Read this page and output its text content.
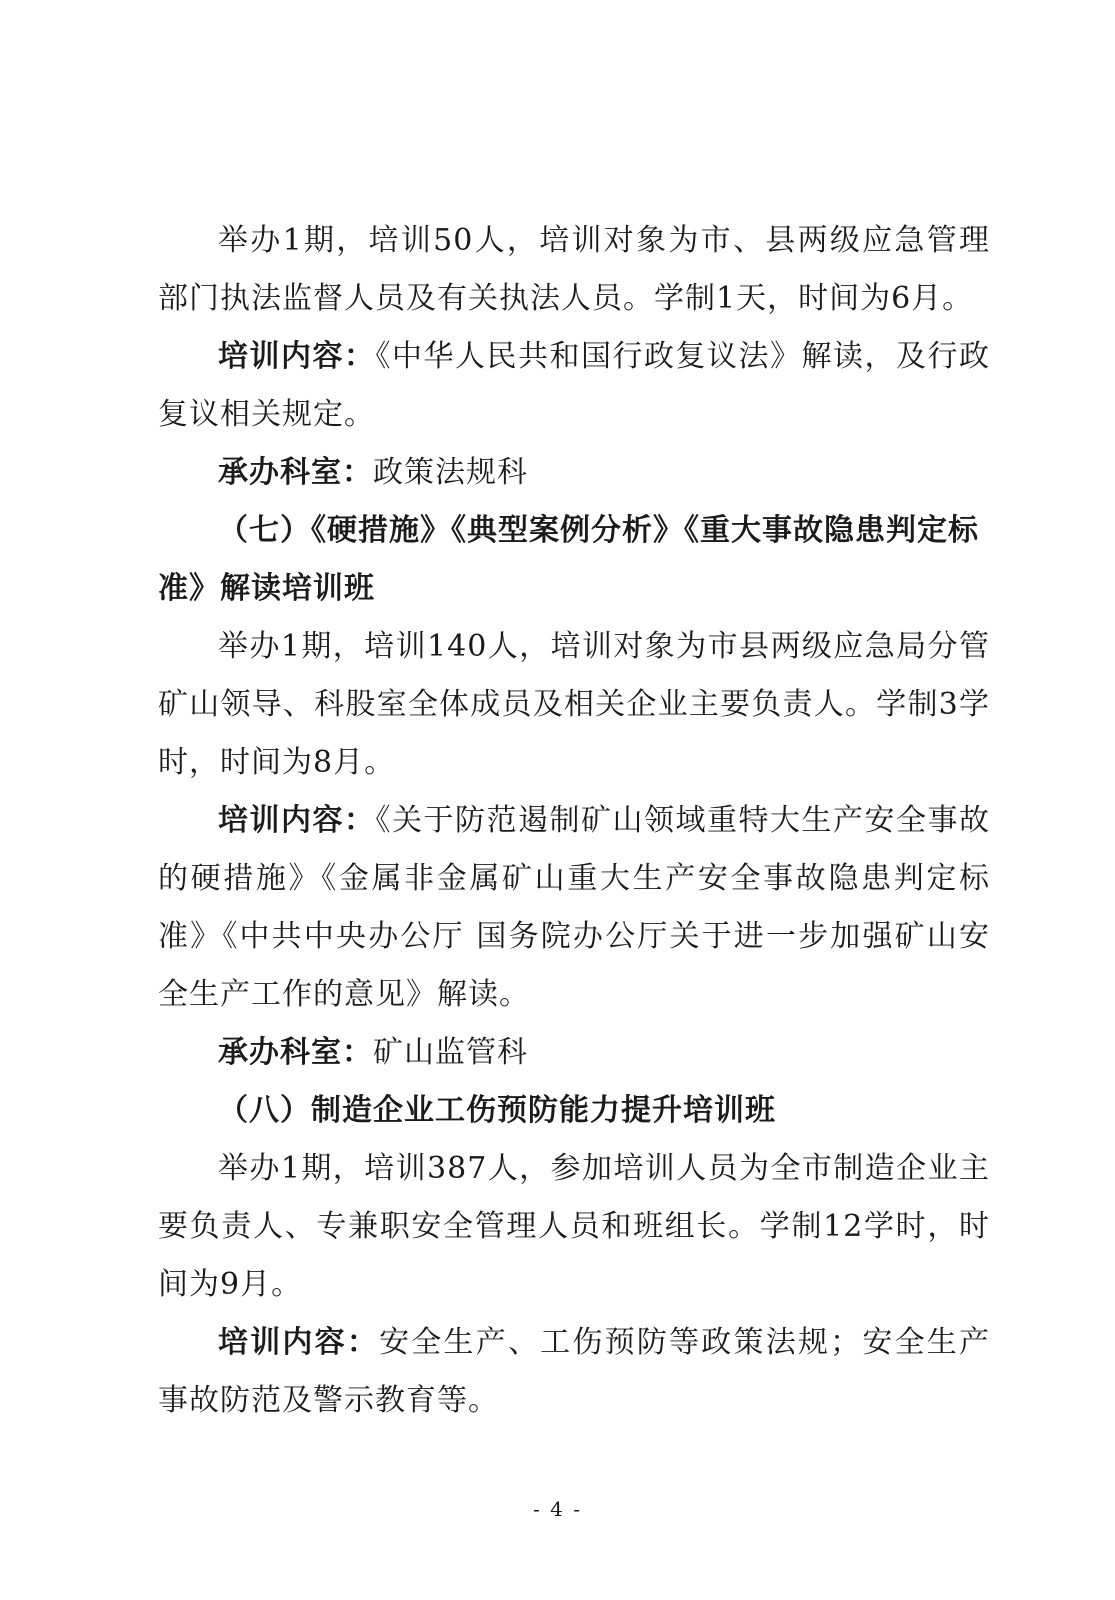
举办1期，培训50人，培训对象为市、县两级应急管理部门执法监督人员及有关执法人员。学制1天，时间为6月。

培训内容：《中华人民共和国行政复议法》解读，及行政复议相关规定。

承办科室：政策法规科

（七）《硬措施》《典型案例分析》《重大事故隐患判定标准》解读培训班

举办1期，培训140人，培训对象为市县两级应急局分管矿山领导、科股室全体成员及相关企业主要负责人。学制3学时，时间为8月。

培训内容：《关于防范遏制矿山领域重特大生产安全事故的硬措施》《金属非金属矿山重大生产安全事故隐患判定标准》《中共中央办公厅 国务院办公厅关于进一步加强矿山安全生产工作的意见》解读。

承办科室：矿山监管科

（八）制造企业工伤预防能力提升培训班

举办1期，培训387人，参加培训人员为全市制造企业主要负责人、专兼职安全管理人员和班组长。学制12学时，时间为9月。

培训内容：安全生产、工伤预防等政策法规；安全生产事故防范及警示教育等。

- 4 -
